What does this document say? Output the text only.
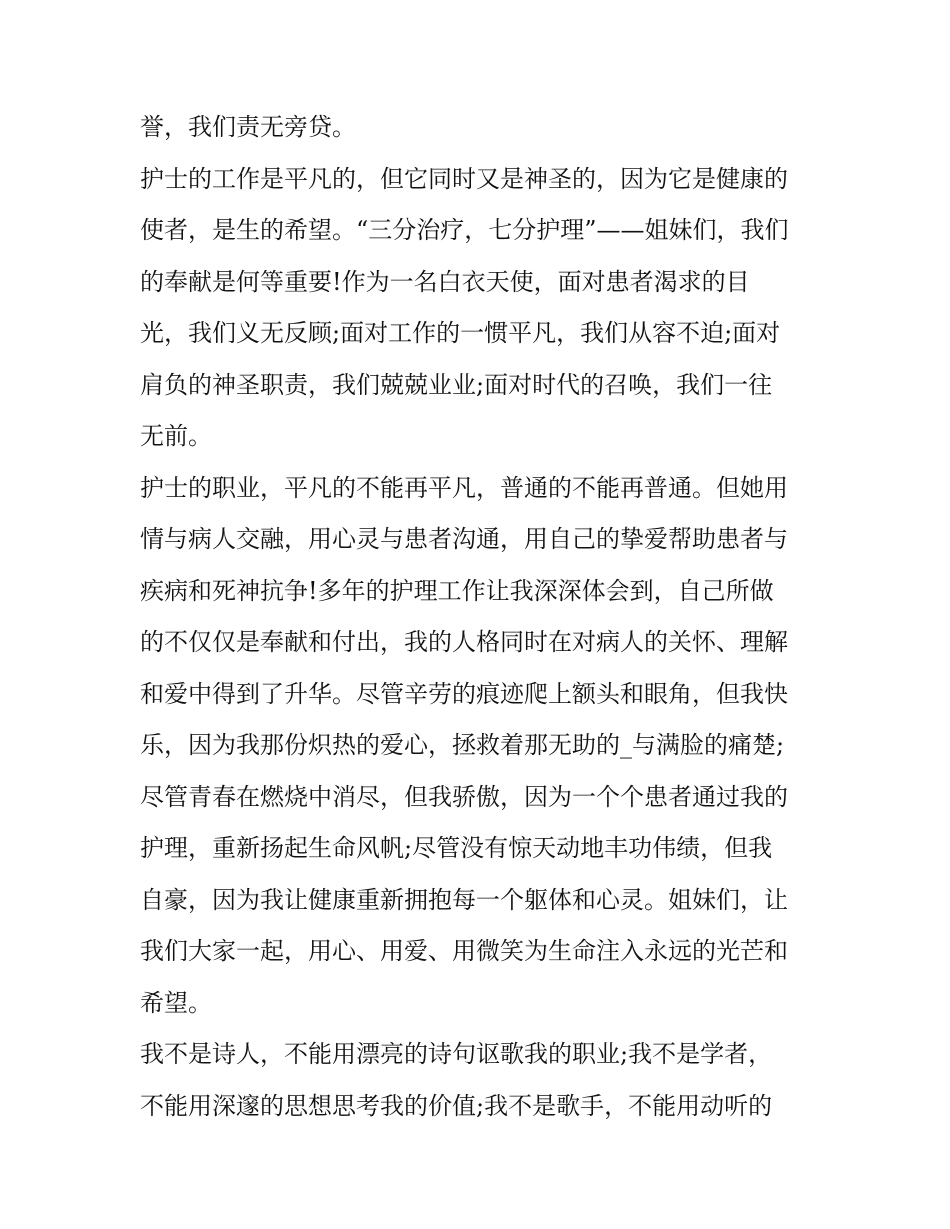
誉，我们责无旁贷。
护士的工作是平凡的，但它同时又是神圣的，因为它是健康的
使者，是生的希望。“三分治疗，七分护理”——姐妹们，我们
的奉献是何等重要!作为一名白衣天使，面对患者渴求的目
光，我们义无反顾;面对工作的一惯平凡，我们从容不迫;面对
肩负的神圣职责，我们兢兢业业;面对时代的召唤，我们一往
无前。
护士的职业，平凡的不能再平凡，普通的不能再普通。但她用
情与病人交融，用心灵与患者沟通，用自己的挚爱帮助患者与
疾病和死神抗争!多年的护理工作让我深深体会到，自己所做
的不仅仅是奉献和付出，我的人格同时在对病人的关怀、理解
和爱中得到了升华。尽管辛劳的痕迹爬上额头和眼角，但我快
乐，因为我那份炽热的爱心，拯救着那无助的_与满脸的痛楚;
尽管青春在燃烧中消尽，但我骄傲，因为一个个患者通过我的
护理，重新扬起生命风帆;尽管没有惊天动地丰功伟绩，但我
自豪，因为我让健康重新拥抱每一个躯体和心灵。姐妹们，让
我们大家一起，用心、用爱、用微笑为生命注入永远的光芒和
希望。
我不是诗人，不能用漂亮的诗句讴歌我的职业;我不是学者，
不能用深邃的思想思考我的价值;我不是歌手，不能用动听的
